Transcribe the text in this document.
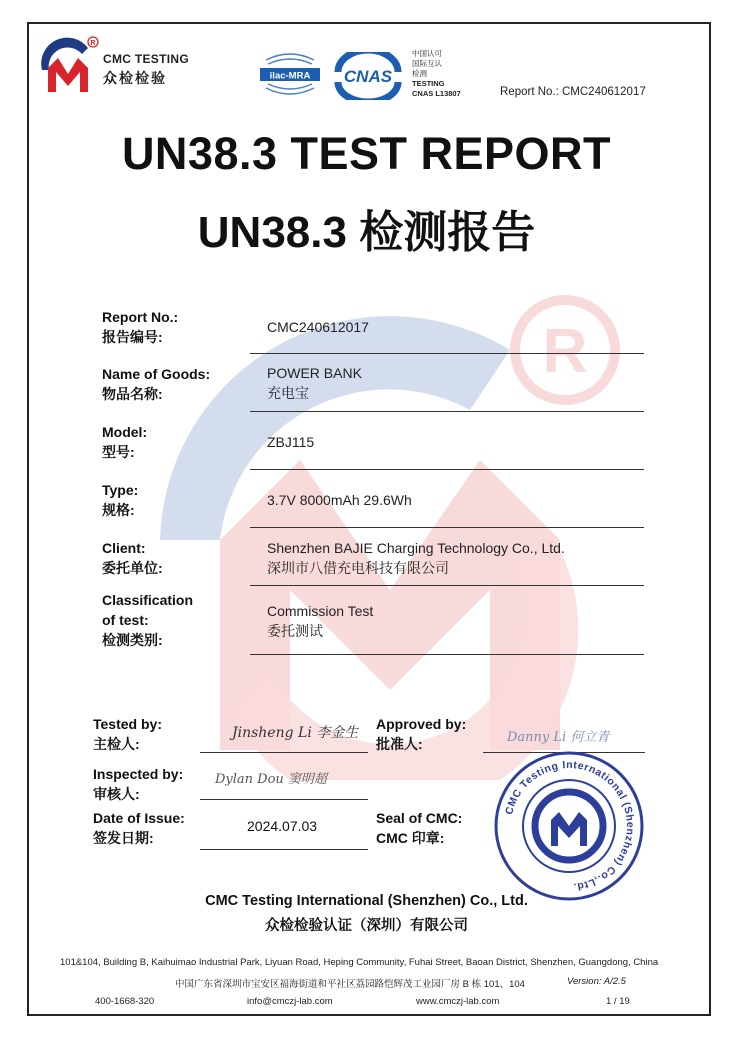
R
R
CMC TESTING
众检检验	ilac-MRA CNAS
中国认可
国际互认
检测
TESTING
CNAS L13807	Report No.: CMC240612017
UN38.3 TEST REPORT
UN38.3 检测报告
Report No.:
报告编号:
CMC240612017
Name of Goods:
物品名称:
POWER BANK
充电宝
Model:
型号:
ZBJ115
Type:
规格:
3.7V 8000mAh 29.6Wh
Client:
委托单位:
Shenzhen BAJIE Charging Technology Co., Ltd.
深圳市八借充电科技有限公司
Classification
of test:
检测类别:
Commission Test
委托测试
Tested by:
主检人:
Jinsheng Li 李金生
Approved by:
批准人:	Danny Li 何立青
Inspected by:
审核人:
Dylan Dou 窦明超
Date of Issue:
签发日期:
2024.07.03	Seal of CMC:
CMC 印章:
CMC Testing International (Shenzhen) Co.,Ltd.
CMC Testing International (Shenzhen) Co., Ltd.
众检检验认证（深圳）有限公司
101&104, Building B, Kaihuimao Industrial Park, Liyuan Road, Heping Community, Fuhai Street, Baoan District, Shenzhen, Guangdong, China
中国广东省深圳市宝安区福海街道和平社区荔园路恺辉茂工业园厂房 B 栋 101、104	Version: A/2.5
400-1668-320	info@cmczj-lab.com	www.cmczj-lab.com	1 / 19
